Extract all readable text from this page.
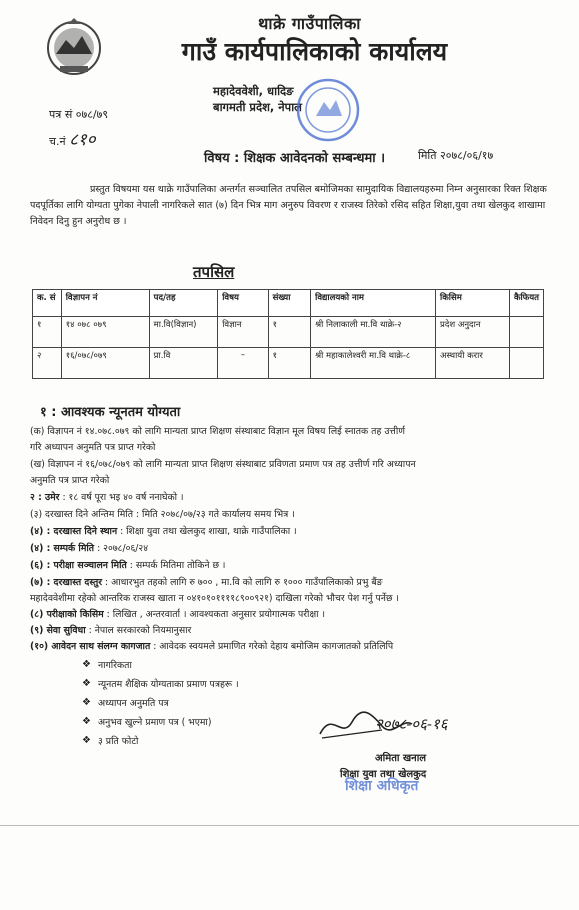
थाक्रे गाउँपालिका
गाउँ कार्यपालिकाको कार्यालय
महादेववेशी, धादिङ
बागमती प्रदेश, नेपाल
पत्र सं ०७८/७९
च.नं ८१०
विषय : शिक्षक आवेदनको सम्बन्धमा ।	मिति २०७८/०६/१७
प्रस्तुत विषयमा यस थाक्रे गाउँपालिका अन्तर्गत सञ्चालित तपसिल बमोजिमका सामुदायिक विद्यालयहरुमा निम्न अनुसारका रिक्त शिक्षक पदपूर्तिका लागि योग्यता पुगेका नेपाली नागरिकले सात (७) दिन भित्र माग अनुरुप विवरण र राजस्व तिरेको रसिद सहित शिक्षा,युवा तथा खेलकुद शाखामा निवेदन दिनु हुन अनुरोध छ ।
तपसिल
क. सं	विज्ञापन नं	पद/तह	विषय	संख्या	विद्यालयको नाम	किसिम	कैफियत
१	१४ ०७८ ०७९	मा.वि(विज्ञान)	विज्ञान	१	श्री निलाकाली मा.वि थाक्रे-२	प्रदेश अनुदान	
२	१६/०७८/०७९	प्रा.वि	–	१	श्री महाकालेश्वरी मा.वि थाक्रे-८	अस्थायी करार	
१ : आवश्यक न्यूनतम योग्यता
(क) विज्ञापन नं १४.०७८.०७९ को लागि मान्यता प्राप्त शिक्षण संस्थाबाट विज्ञान मूल विषय लिई स्नातक तह उत्तीर्ण
गरि अध्यापन अनुमति पत्र प्राप्त गरेको
(ख) विज्ञापन नं १६/०७८/०७९ को लागि मान्यता प्राप्त शिक्षण संस्थाबाट प्रविणता प्रमाण पत्र तह उत्तीर्ण गरि अध्यापन
अनुमति पत्र प्राप्त गरेको
२ : उमेर : १८ वर्ष पूरा भइ ४० वर्ष ननाघेको ।
(३) दरखास्त दिने अन्तिम मिति : मिति २०७८/०७/२३ गते कार्यालय समय भित्र ।
(४) : दरखास्त दिने स्थान : शिक्षा युवा तथा खेलकुद शाखा, थाक्रे गाउँपालिका ।
(४) : सम्पर्क मिति : २०७८/०६/२४
(६) : परीक्षा सञ्चालन मिति : सम्पर्क मितिमा तोकिने छ ।
(७) : दरखास्त दस्तुर : आधारभुत तहको लागि रु ७०० , मा.वि को लागि रु १००० गाउँपालिकाको प्रभु बैंङ
महादेववेशीमा रहेको आन्तरिक राजस्व खाता न ०४१०१०११११८९००९२१) दाखिला गरेको भौचर पेश गर्नु पर्नेछ ।
(८) परीक्षाको किसिम : लिखित , अन्तरवार्ता । आवश्यकता अनुसार प्रयोगात्मक परीक्षा ।
(९) सेवा सुविधा : नेपाल सरकारको नियमानुसार
(१०) आवेदन साथ संलग्न कागजात : आवेदक स्वयमले प्रमाणित गरेको देहाय बमोजिम कागजातको प्रतिलिपि
❖ नागरिकता
❖ न्यूनतम शैक्षिक योग्यताका प्रमाण पत्रहरू ।
❖ अध्यापन अनुमति पत्र
❖ अनुभव खुल्ने प्रमाण पत्र ( भएमा)
❖ ३ प्रति फोटो
२०७८-०६-१६
अमिता खनाल
शिक्षा युवा तथा खेलकुद
शिक्षा अधिकृत
